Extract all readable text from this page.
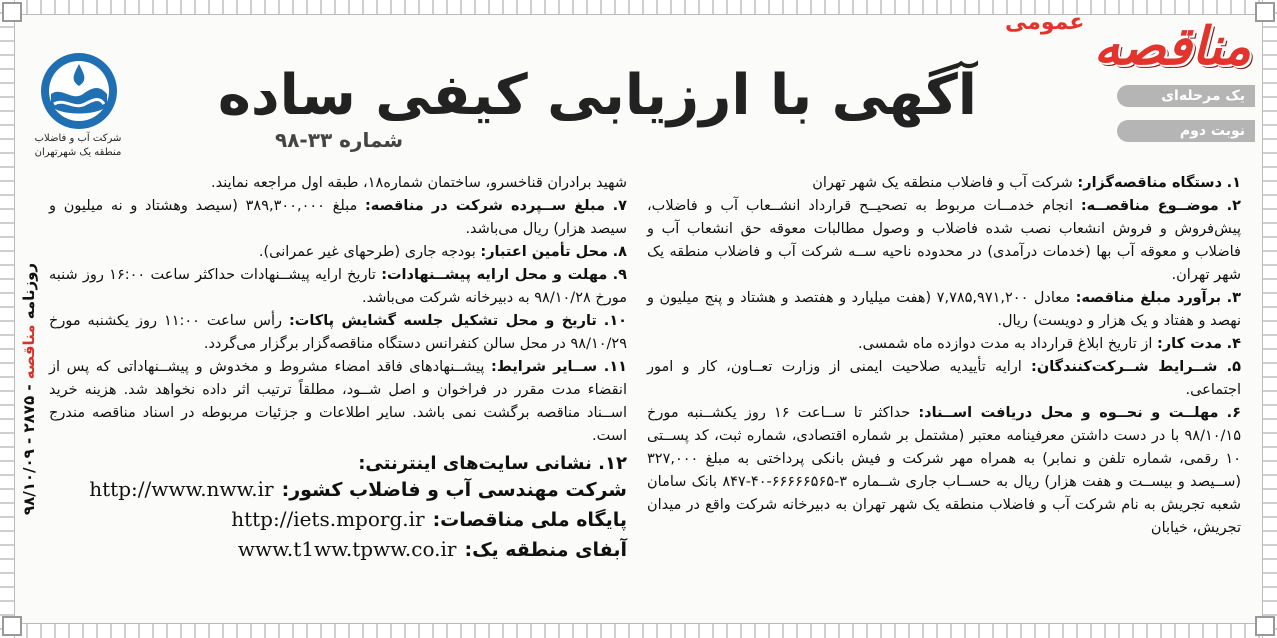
عمومی مناقصه
یک مرحله‌ای
نوبت دوم
آگهی با ارزیابی کیفی ساده
شماره ۳۳-۹۸
شرکت آب و فاضلاب
منطقه یک شهرتهران
روزنامه مناقصه - ۲۸۷۵ - ۹۸/۱۰/۰۹

۱. دستگاه مناقصه‌گزار: شرکت آب و فاضلاب منطقه یک شهر تهران

۲. موضــوع مناقصــه: انجام خدمــات مربوط به تصحیــح قرارداد انشــعاب آب و فاضلاب، پیش‌فروش و فروش انشعاب نصب شده فاضلاب و وصول مطالبات معوقه حق انشعاب آب و فاضلاب و معوقه آب بها (خدمات درآمدی) در محدوده ناحیه ســه شرکت آب و فاضلاب منطقه یک شهر تهران.

۳. برآورد مبلغ مناقصه: معادل ۷,۷۸۵,۹۷۱,۲۰۰ (هفت میلیارد و هفتصد و هشتاد و پنج میلیون و نهصد و هفتاد و یک هزار و دویست) ریال.

۴. مدت کار: از تاریخ ابلاغ قرارداد به مدت دوازده ماه شمسی.

۵. شــرایط شــرکت‌کنندگان: ارایه تأییدیه صلاحیت ایمنی از وزارت تعــاون، کار و امور اجتماعی.

۶. مهلــت و نحــوه و محل دریافت اســناد: حداکثر تا ســاعت ۱۶ روز یکشــنبه مورخ ۹۸/۱۰/۱۵ با در دست داشتن معرفینامه معتبر (مشتمل بر شماره اقتصادی، شماره ثبت، کد پســتی ۱۰ رقمی، شماره تلفن و نمابر) به همراه مهر شرکت و فیش بانکی پرداختی به مبلغ ۳۲۷,۰۰۰ (ســیصد و بیســت و هفت هزار) ریال به حســاب جاری شــماره ۳-۶۶۶۶۶۵۶۵-۴۰-۸۴۷ بانک سامان شعبه تجریش به نام شرکت آب و فاضلاب منطقه یک شهر تهران به دبیرخانه شرکت واقع در میدان تجریش، خیابان

شهید برادران قناخسرو، ساختمان شماره۱۸، طبقه اول مراجعه نمایند.

۷. مبلغ ســپرده شرکت در مناقصه: مبلغ ۳۸۹,۳۰۰,۰۰۰ (سیصد وهشتاد و نه میلیون و سیصد هزار) ریال می‌باشد.

۸. محل تأمین اعتبار: بودجه جاری (طرحهای غیر عمرانی).

۹. مهلت و محل ارایه پیشــنهادات: تاریخ ارایه پیشــنهادات حداکثر ساعت ۱۶:۰۰ روز شنبه مورخ ۹۸/۱۰/۲۸ به دبیرخانه شرکت می‌باشد.

۱۰. تاریخ و محل تشکیل جلسه گشایش پاکات: رأس ساعت ۱۱:۰۰ روز یکشنبه مورخ ۹۸/۱۰/۲۹ در محل سالن کنفرانس دستگاه مناقصه‌گزار برگزار می‌گردد.

۱۱. ســایر شرایط: پیشــنهادهای فاقد امضاء مشروط و مخدوش و پیشــنهاداتی که پس از انقضاء مدت مقرر در فراخوان و اصل شــود، مطلقاً ترتیب اثر داده نخواهد شد. هزینه خرید اســناد مناقصه برگشت نمی باشد. سایر اطلاعات و جزئیات مربوطه در اسناد مناقصه مندرج است.

۱۲. نشانی سایت‌های اینترنتی:

شرکت مهندسی آب و فاضلاب کشور:http://www.nww.ir

پایگاه ملی مناقصات:http://iets.mporg.ir

آبفای منطقه یک:www.t1ww.tpww.co.ir
